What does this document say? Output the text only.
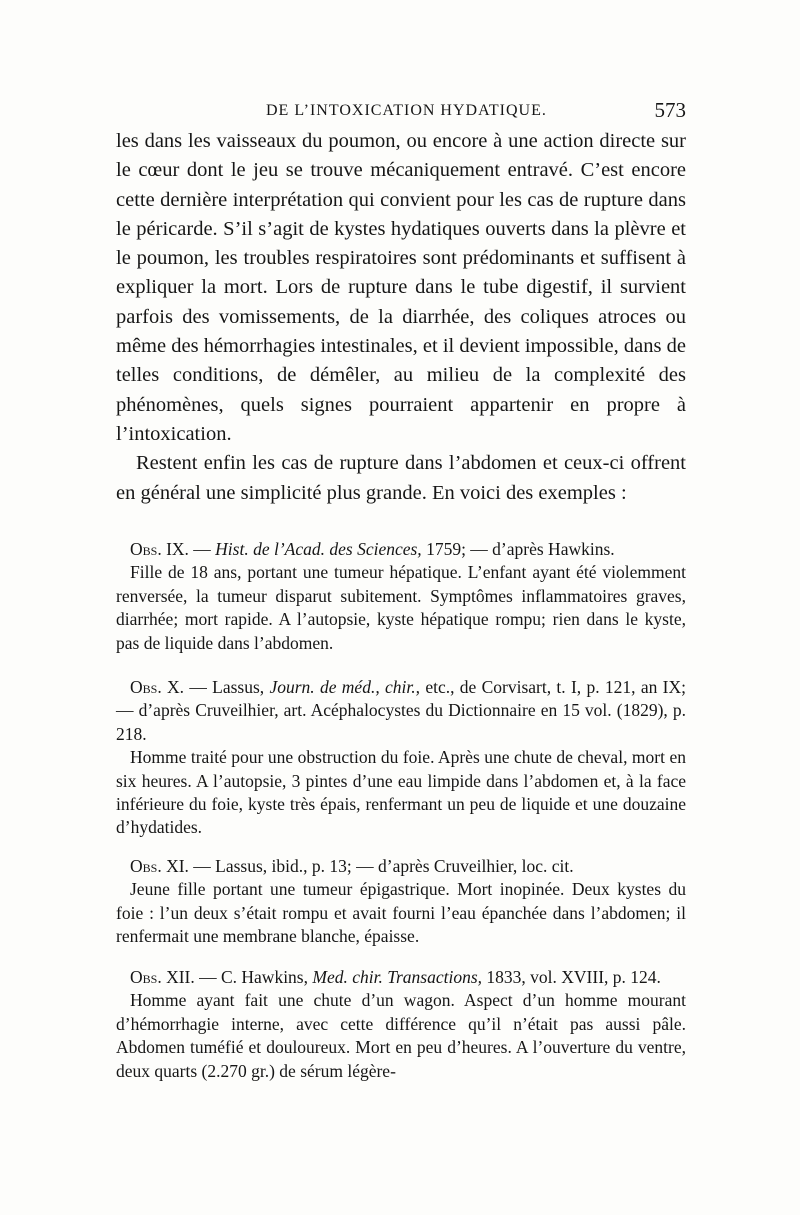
DE L’INTOXICATION HYDATIQUE.	573

les dans les vaisseaux du poumon, ou encore à une action directe sur le cœur dont le jeu se trouve mécaniquement entravé. C’est encore cette dernière interprétation qui convient pour les cas de rupture dans le péricarde. S’il s’agit de kystes hydatiques ouverts dans la plèvre et le poumon, les troubles respiratoires sont prédominants et suffisent à expliquer la mort. Lors de rupture dans le tube digestif, il survient parfois des vomissements, de la diarrhée, des coliques atroces ou même des hémorrhagies intestinales, et il devient impossible, dans de telles conditions, de démêler, au milieu de la complexité des phénomènes, quels signes pourraient appartenir en propre à l’intoxication.

Restent enfin les cas de rupture dans l’abdomen et ceux-ci offrent en général une simplicité plus grande. En voici des exemples :

Obs. IX. — Hist. de l’Acad. des Sciences, 1759; — d’après Hawkins.

Fille de 18 ans, portant une tumeur hépatique. L’enfant ayant été violemment renversée, la tumeur disparut subitement. Symptômes inflammatoires graves, diarrhée; mort rapide. A l’autopsie, kyste hépatique rompu; rien dans le kyste, pas de liquide dans l’abdomen.

Obs. X. — Lassus, Journ. de méd., chir., etc., de Corvisart, t. I, p. 121, an IX; — d’après Cruveilhier, art. Acéphalocystes du Dictionnaire en 15 vol. (1829), p. 218.

Homme traité pour une obstruction du foie. Après une chute de cheval, mort en six heures. A l’autopsie, 3 pintes d’une eau limpide dans l’abdomen et, à la face inférieure du foie, kyste très épais, renfermant un peu de liquide et une douzaine d’hydatides.

Obs. XI. — Lassus, ibid., p. 13; — d’après Cruveilhier, loc. cit.

Jeune fille portant une tumeur épigastrique. Mort inopinée. Deux kystes du foie : l’un deux s’était rompu et avait fourni l’eau épanchée dans l’abdomen; il renfermait une membrane blanche, épaisse.

Obs. XII. — C. Hawkins, Med. chir. Transactions, 1833, vol. XVIII, p. 124.

Homme ayant fait une chute d’un wagon. Aspect d’un homme mourant d’hémorrhagie interne, avec cette différence qu’il n’était pas aussi pâle. Abdomen tuméfié et douloureux. Mort en peu d’heures. A l’ouverture du ventre, deux quarts (2.270 gr.) de sérum légère-
